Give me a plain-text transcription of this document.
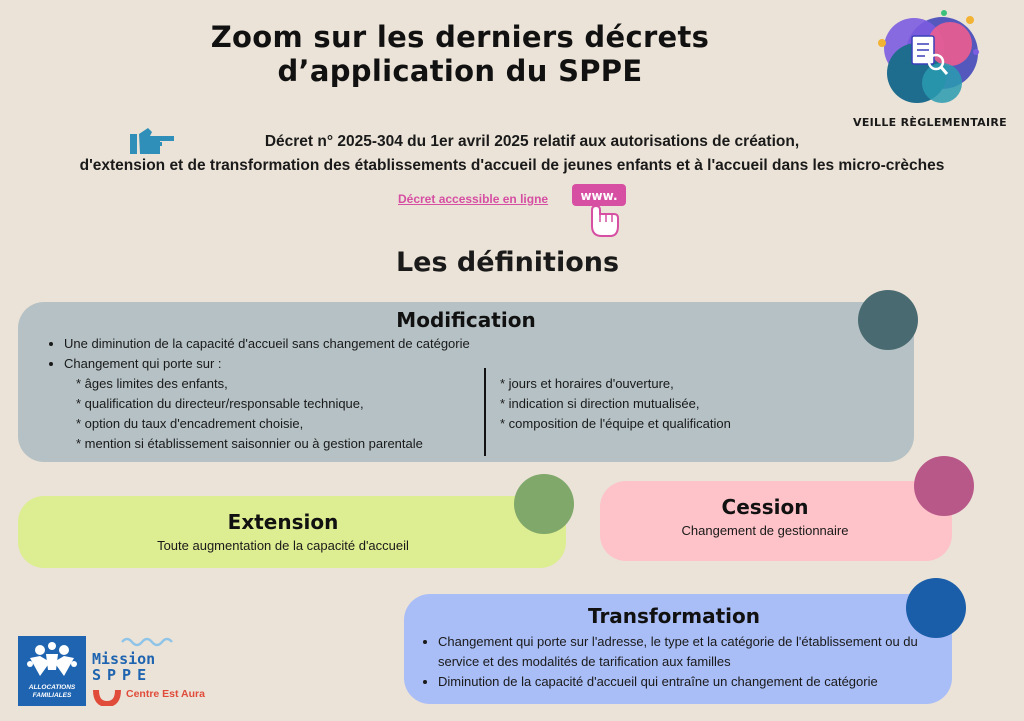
Zoom sur les derniers décrets
d’application du SPPE
VEILLE RÈGLEMENTAIRE
Décret n° 2025-304 du 1er avril 2025 relatif aux autorisations de création,
d'extension et de transformation des établissements d'accueil de jeunes enfants et à l'accueil dans les micro-crèches
Décret accessible en ligne	www.
Les définitions
Modification
• Une diminution de la capacité d'accueil sans changement de catégorie
• Changement qui porte sur :
* âges limites des enfants,
* qualification du directeur/responsable technique,
* option du taux d'encadrement choisie,
* mention si établissement saisonnier ou à gestion parentale
* jours et horaires d'ouverture,
* indication si direction mutualisée,
* composition de l'équipe et qualification
Extension

Toute augmentation de la capacité d'accueil

Cession

Changement de gestionnaire

Transformation
• Changement qui porte sur l'adresse, le type et la catégorie de l'établissement ou du service et des modalités de tarification aux familles
• Diminution de la capacité d'accueil qui entraîne un changement de catégorie
ALLOCATIONS
FAMILIALES
Mission
SPPE
Centre Est Aura
